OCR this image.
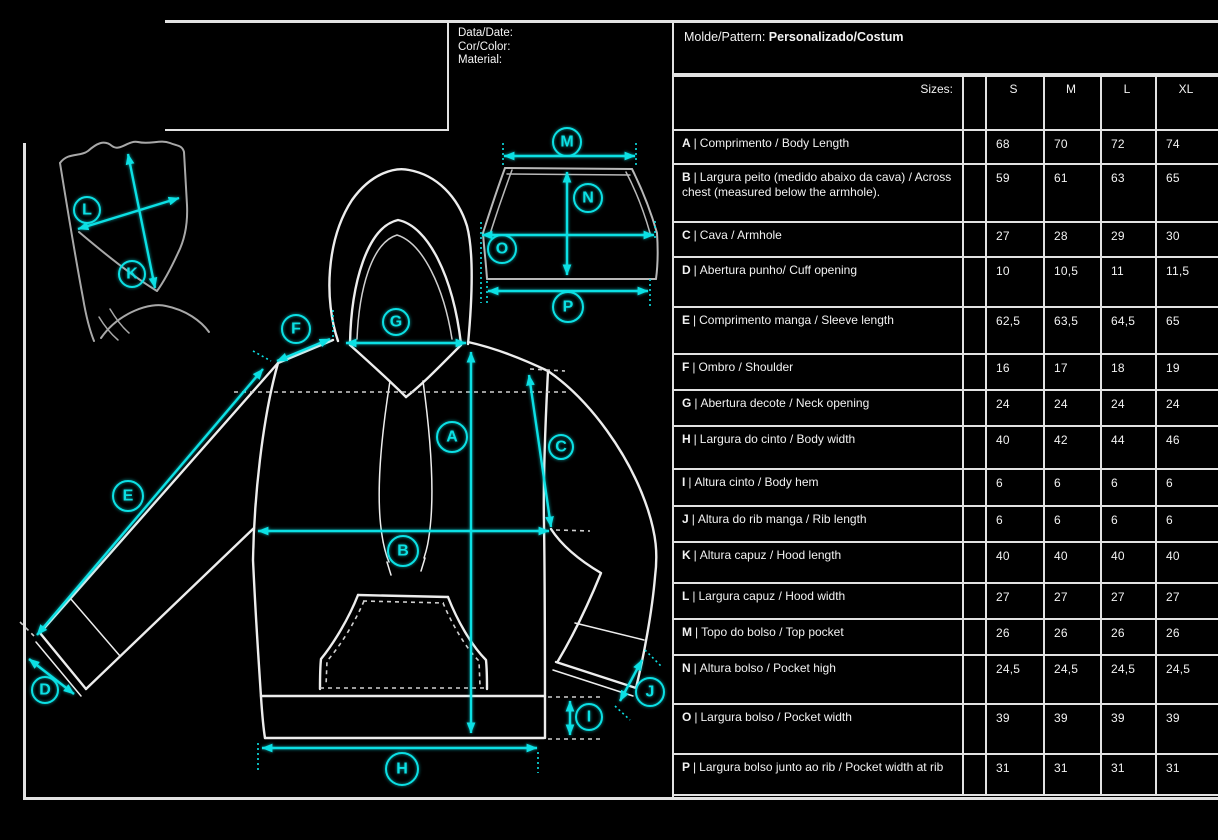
Data/Date:
Cor/Color:
Material:
Molde/Pattern: Personalizado/Costum
Sizes:		S	M	L	XL
A | Comprimento / Body Length		68	70	72	74
B | Largura peito (medido abaixo da cava) / Across chest (measured below the armhole).		59	61	63	65
C | Cava / Armhole		27	28	29	30
D | Abertura punho/ Cuff opening		10	10,5	11	11,5
E | Comprimento manga / Sleeve length		62,5	63,5	64,5	65
F | Ombro / Shoulder		16	17	18	19
G | Abertura decote / Neck opening		24	24	24	24
H | Largura do cinto / Body width		40	42	44	46
I | Altura cinto / Body hem		6	6	6	6
J | Altura do rib manga / Rib length		6	6	6	6
K | Altura capuz / Hood length		40	40	40	40
L | Largura capuz / Hood width		27	27	27	27
M | Topo do bolso / Top pocket		26	26	26	26
N | Altura bolso / Pocket high		24,5	24,5	24,5	24,5
O | Largura bolso / Pocket width		39	39	39	39
P | Largura bolso junto ao rib / Pocket width at rib		31	31	31	31
A
B
C
D
E
F	G
H
I
J
K
L
M
N
O
P
